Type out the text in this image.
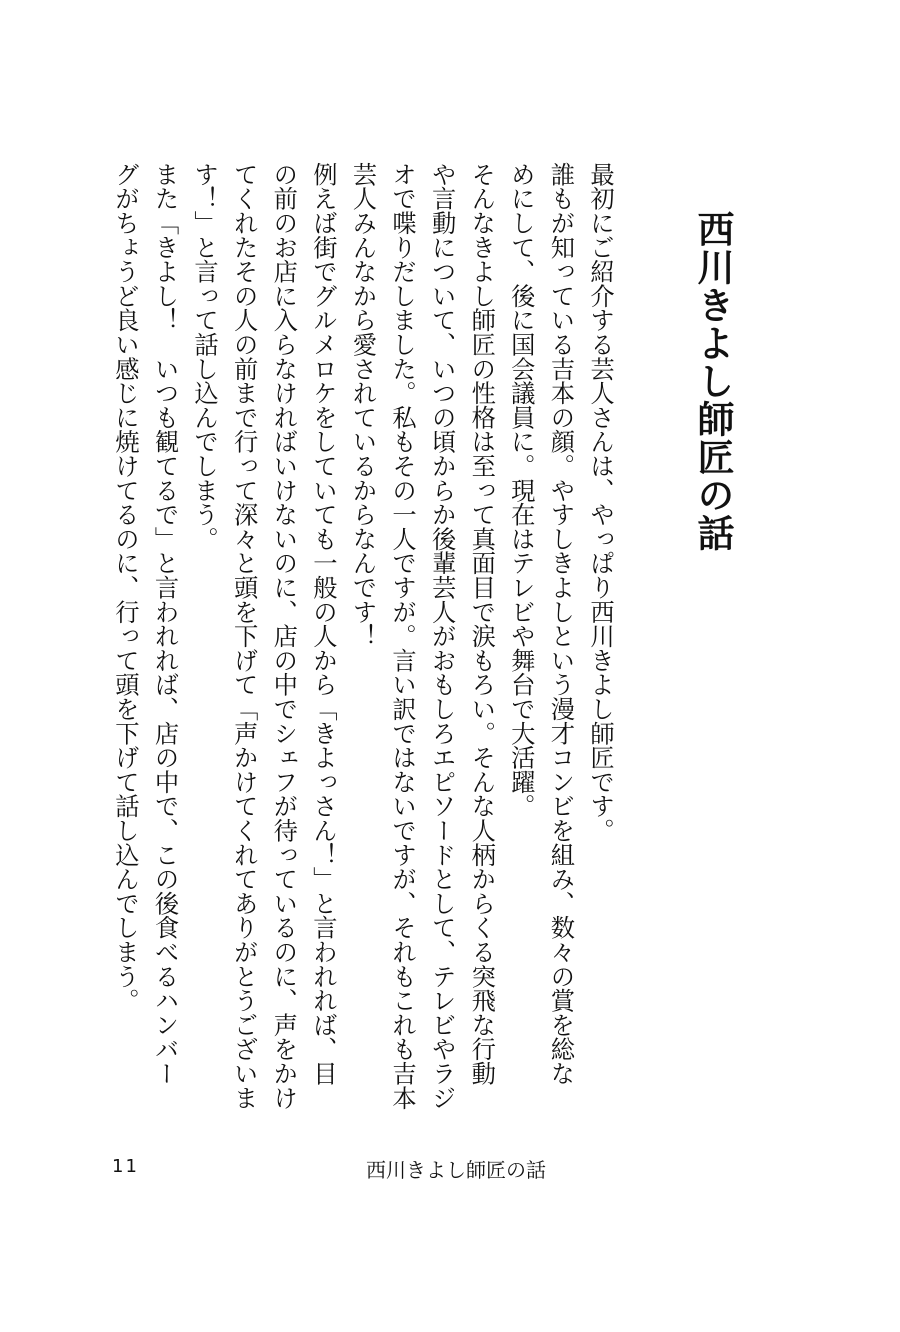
西川きよし師匠の話

最初にご紹介する芸人さんは、やっぱり西川きよし師匠です。

誰もが知っている吉本の顔。やすしきよしという漫才コンビを組み、数々の賞を総な

めにして、後に国会議員に。現在はテレビや舞台で大活躍。

そんなきよし師匠の性格は至って真面目で涙もろい。そんな人柄からくる突飛な行動

や言動について、いつの頃からか後輩芸人がおもしろエピソードとして、テレビやラジ

オで喋りだしました。私もその一人ですが。言い訳ではないですが、それもこれも吉本

芸人みんなから愛されているからなんです！

例えば街でグルメロケをしていても一般の人から「きよっさん！」と言われれば、目

の前のお店に入らなければいけないのに、店の中でシェフが待っているのに、声をかけ

てくれたその人の前まで行って深々と頭を下げて「声かけてくれてありがとうございま

す！」と言って話し込んでしまう。

また「きよし！　いつも観てるで」と言われれば、店の中で、この後食べるハンバー

グがちょうど良い感じに焼けてるのに、行って頭を下げて話し込んでしまう。

11	西川きよし師匠の話
